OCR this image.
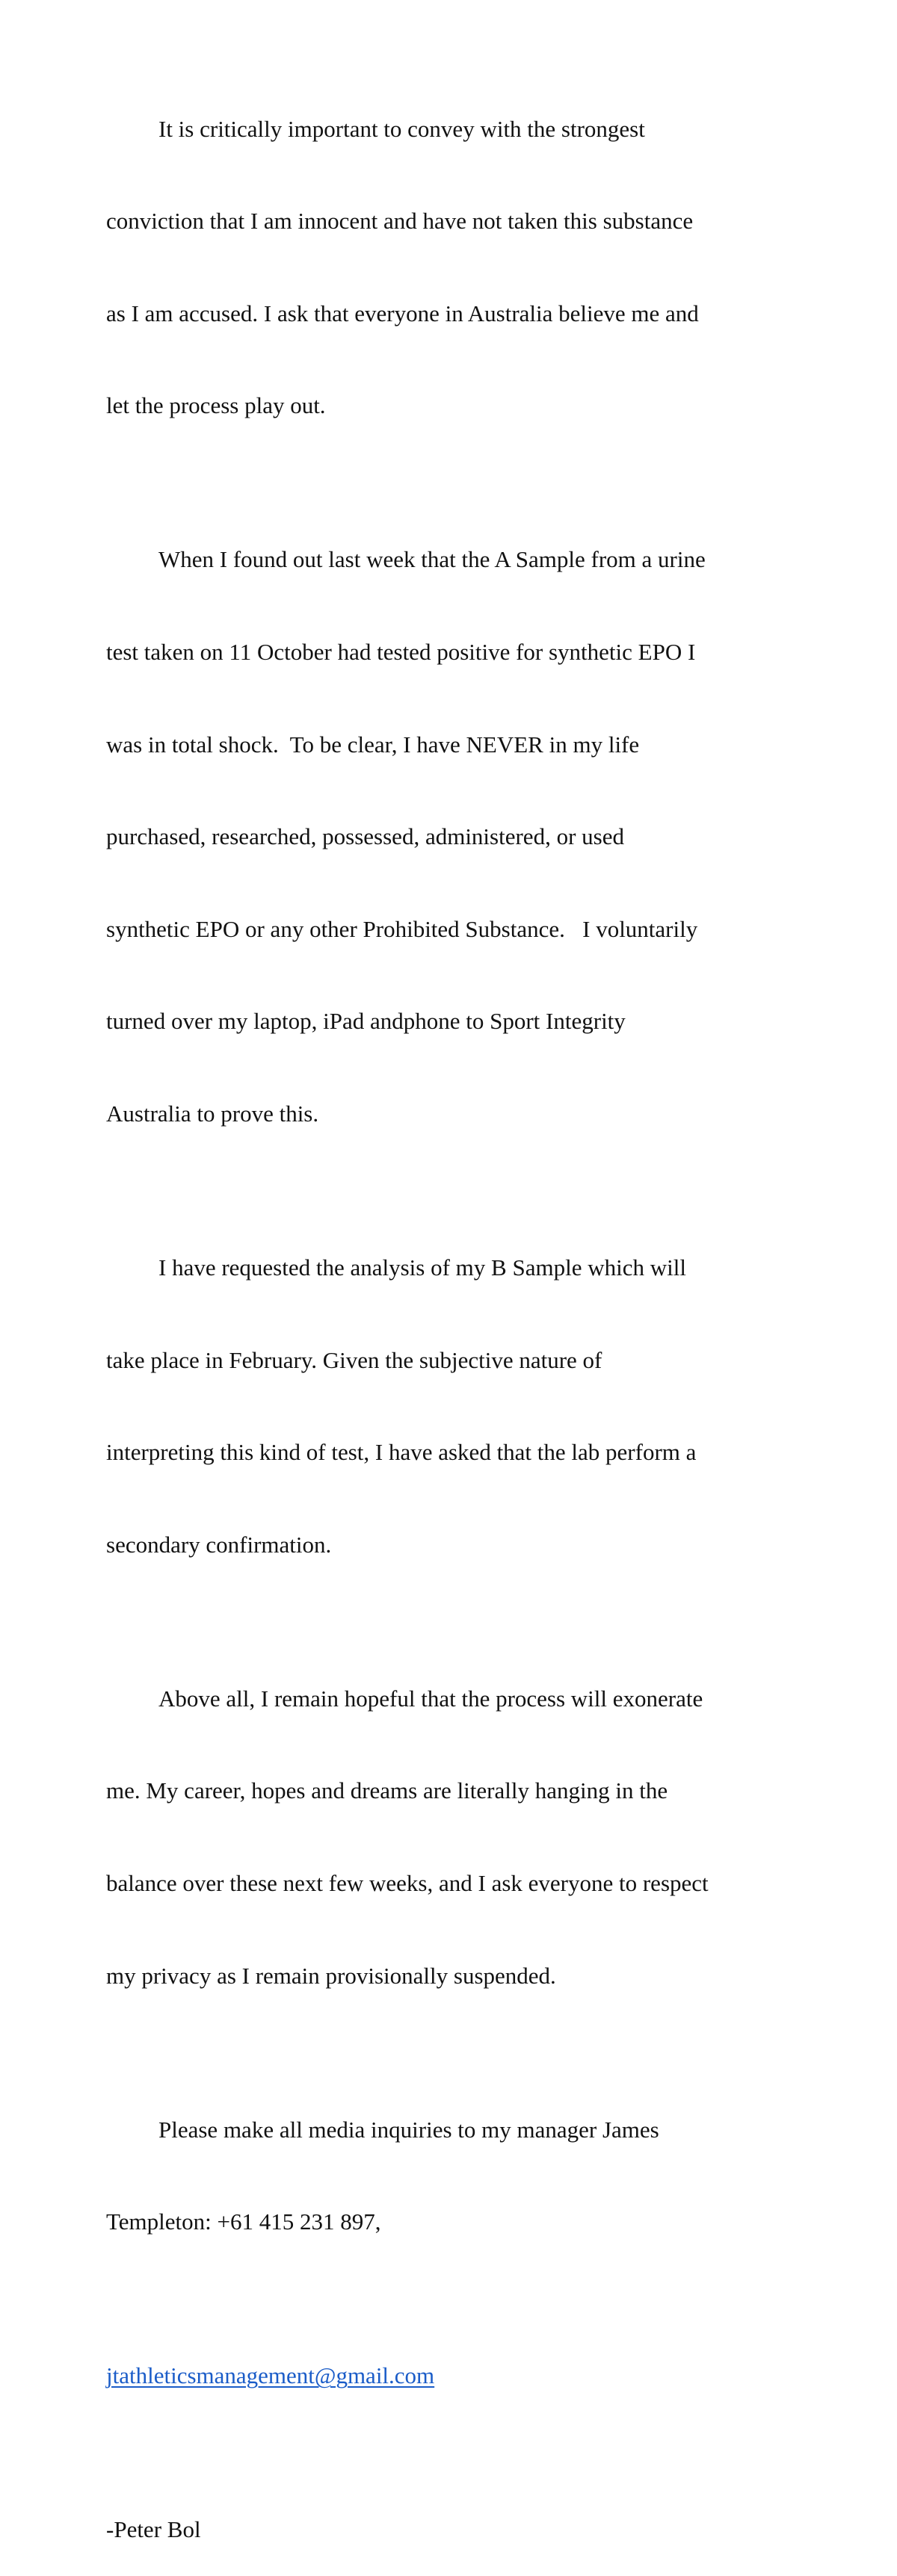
It is critically important to convey with the strongest

conviction that I am innocent and have not taken this substance

as I am accused. I ask that everyone in Australia believe me and

let the process play out.

When I found out last week that the A Sample from a urine

test taken on 11 October had tested positive for synthetic EPO I

was in total shock.  To be clear, I have NEVER in my life

purchased, researched, possessed, administered, or used

synthetic EPO or any other Prohibited Substance.   I voluntarily

turned over my laptop, iPad andphone to Sport Integrity

Australia to prove this.

I have requested the analysis of my B Sample which will

take place in February. Given the subjective nature of

interpreting this kind of test, I have asked that the lab perform a

secondary confirmation.

Above all, I remain hopeful that the process will exonerate

me. My career, hopes and dreams are literally hanging in the

balance over these next few weeks, and I ask everyone to respect

my privacy as I remain provisionally suspended.

Please make all media inquiries to my manager James

Templeton: +61 415 231 897,

jtathleticsmanagement@gmail.com

-Peter Bol
